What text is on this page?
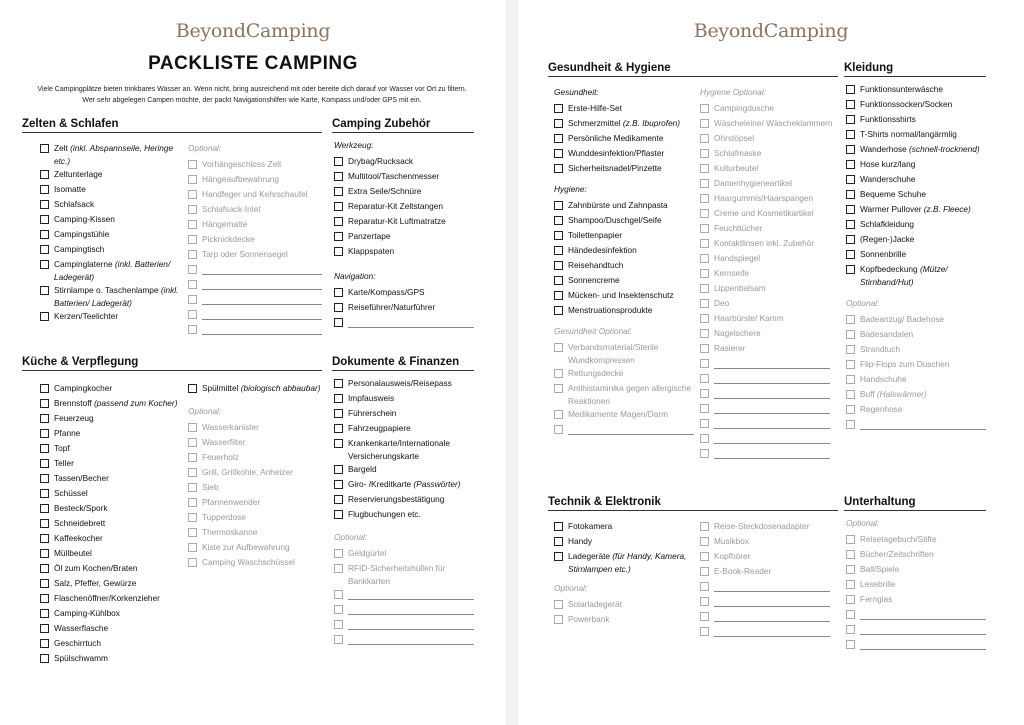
BeyondCamping
PACKLISTE CAMPING
Viele Campingplätze bieten trinkbares Wasser an. Wenn nicht, bring ausreichend mit oder bereite dich darauf vor Wasser vor Ort zu filtern. Wer sehr abgelegen Campen möchte, der packt Navigationshilfen wie Karte, Kompass und/oder GPS mit ein.
Zelten & Schlafen
Zelt (inkl. Abspannseile, Heringe etc.)
Zeltunterlage
Isomatte
Schlafsack
Camping-Kissen
Campingstühle
Campingtisch
Campinglaterne (inkl. Batterien/ Ladegerät)
Stirnlampe o. Taschenlampe (inkl. Batterien/ Ladegerät)
Kerzen/Teelichter
Optional:
Vorhängeschloss Zelt
Hängeaufbewahrung
Handfeger und Kehrschaufel
Schlafsack-Inlet
Hängematte
Picknickdecke
Tarp oder Sonnensegel
Camping Zubehör
Werkzeug:
Drybag/Rucksack
Multitool/Taschenmesser
Extra Seile/Schnüre
Reparatur-Kit Zeltstangen
Reparatur-Kit Luftmatratze
Panzertape
Klappspaten
Navigation:
Karte/Kompass/GPS
Reiseführer/Naturführer
Küche & Verpflegung
Campingkocher
Brennstoff (passend zum Kocher)
Feuerzeug
Pfanne
Topf
Teller
Tassen/Becher
Schüssel
Besteck/Spork
Schneidebrett
Kaffeekocher
Müllbeutel
Öl zum Kochen/Braten
Salz, Pfeffer, Gewürze
Flaschenöffner/Korkenzieher
Camping-Kühlbox
Wasserflasche
Geschirrtuch
Spülschwamm
Spülmittel (biologisch abbaubar)
Optional:
Wasserkanister
Wasserfilter
Feuerholz
Grill, Grillkohle, Anheizer
Sieb
Pfannenwender
Tupperdose
Thermoskanne
Kiste zur Aufbewahrung
Camping Waschschüssel
Dokumente & Finanzen
Personalausweis/Reisepass
Impfausweis
Führerschein
Fahrzeugpapiere
Krankenkarte/Internationale Versicherungskarte
Bargeld
Giro- /Kreditkarte (Passwörter)
Reservierungsbestätigung
Flugbuchungen etc.
Optional:
Geldgürtel
RFID-Sicherheitshüllen für Bankkarten
BeyondCamping
Gesundheit & Hygiene
Gesundheit:
Erste-Hilfe-Set
Schmerzmittel (z.B. Ibuprofen)
Persönliche Medikamente
Wunddesinfektion/Pflaster
Sicherheitsnadel/Pinzette
Hygiene:
Zahnbürste und Zahnpasta
Shampoo/Duschgel/Seife
Toilettenpapier
Händedesinfektion
Reisehandtuch
Sonnencreme
Mücken- und Insektenschutz
Menstruationsprodukte
Gesundheit Optional:
Verbandsmaterial/Sterile Wundkompressen
Rettungsdecke
Antihistaminika gegen allergische Reaktionen
Medikamente Magen/Darm
Hygiene Optional:
Campingdusche
Wäscheleine/ Wäscheklammern
Ohrstöpsel
Schlafmaske
Kulturbeutel
Damenhygieneartikel
Haargummis/Haarspangen
Creme und Kosmetikartikel
Feuchttücher
Kontaktlinsen inkl. Zubehör
Handspiegel
Kernseife
Lippenbalsam
Deo
Haarbürste/ Kamm
Nagelschere
Rasierer
Kleidung
Funktionsunterwäsche
Funktionssocken/Socken
Funktionsshirts
T-Shirts normal/langärmlig
Wanderhose (schnell-trocknend)
Hose kurz/lang
Wanderschuhe
Bequeme Schuhe
Warmer Pullover (z.B. Fleece)
Schlafkleidung
(Regen-)Jacke
Sonnenbrille
Kopfbedeckung (Mütze/ Stirnband/Hut)
Optional:
Badeanzug/ Badehose
Badesandalen
Strandtuch
Flip-Flops zum Duschen
Handschuhe
Buff (Halswärmer)
Regenhose
Technik & Elektronik
Fotokamera
Handy
Ladegeräte (für Handy, Kamera, Stirnlampen etc.)
Optional:
Solarladegerät
Powerbank
Reise-Steckdosenadapter
Musikbox
Kopfhörer
E-Book-Reader
Unterhaltung
Optional:
Reisetagebuch/Stifte
Bücher/Zeitschriften
Ball/Spiele
Lesebrille
Fernglas
